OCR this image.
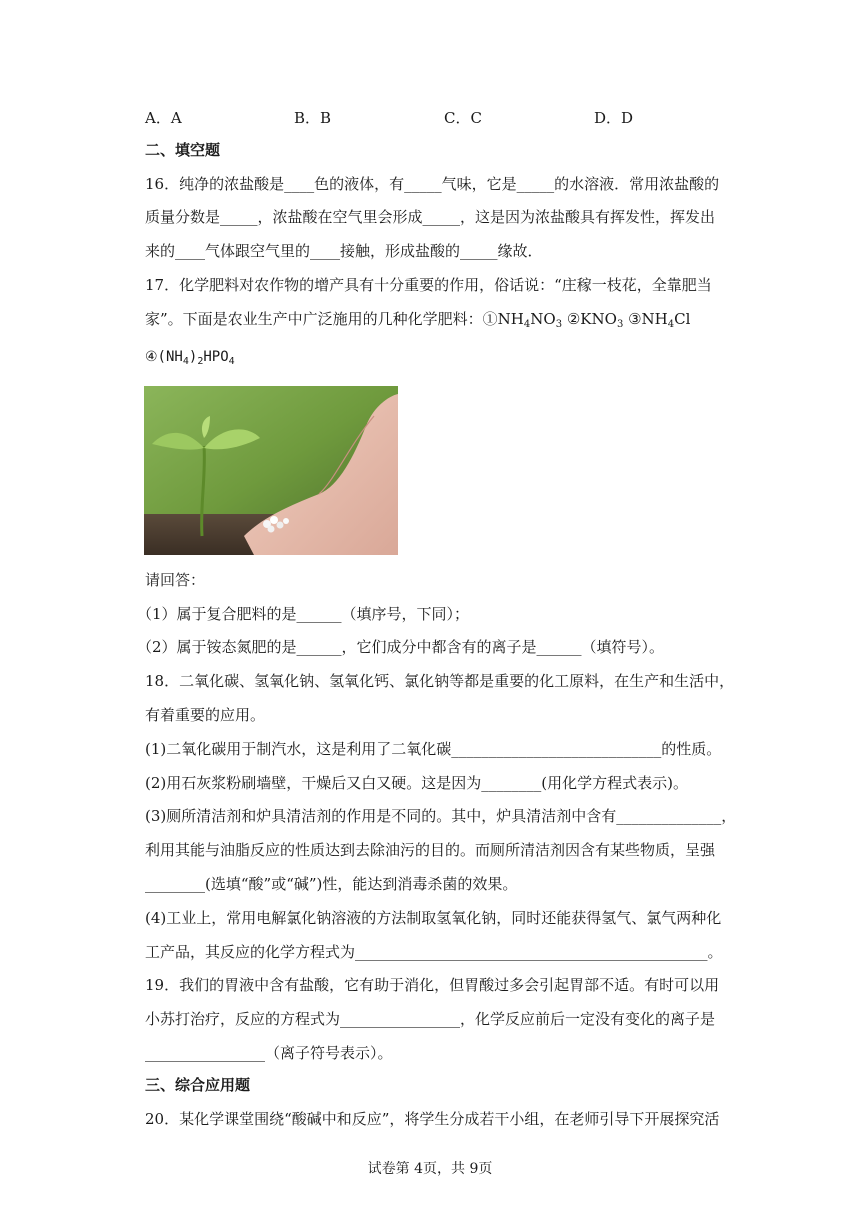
A．A	B．B	C．C	D．D
二、填空题
16．纯净的浓盐酸是____色的液体，有_____气味，它是_____的水溶液．常用浓盐酸的
质量分数是_____，浓盐酸在空气里会形成_____，这是因为浓盐酸具有挥发性，挥发出
来的____气体跟空气里的____接触，形成盐酸的_____缘故．
17．化学肥料对农作物的增产具有十分重要的作用，俗话说：“庄稼一枝花，全靠肥当
家”。下面是农业生产中广泛施用的几种化学肥料：$①NH_4NO_3$ $②KNO_3$ $③NH_4Cl$
$④(NH_4)_2HPO_4$
请回答：
（1）属于复合肥料的是______（填序号，下同）；
（2）属于铵态氮肥的是______，它们成分中都含有的离子是______（填符号）。
18．二氧化碳、氢氧化钠、氢氧化钙、氯化钠等都是重要的化工原料，在生产和生活中，
有着重要的应用。
(1)二氧化碳用于制汽水，这是利用了二氧化碳____________________________的性质。
(2)用石灰浆粉刷墙壁，干燥后又白又硬。这是因为________(用化学方程式表示)。
(3)厕所清洁剂和炉具清洁剂的作用是不同的。其中，炉具清洁剂中含有______________，
利用其能与油脂反应的性质达到去除油污的目的。而厕所清洁剂因含有某些物质，呈强
________(选填“酸”或“碱”)性，能达到消毒杀菌的效果。
(4)工业上，常用电解氯化钠溶液的方法制取氢氧化钠，同时还能获得氢气、氯气两种化
工产品，其反应的化学方程式为_______________________________________________。
19．我们的胃液中含有盐酸，它有助于消化，但胃酸过多会引起胃部不适。有时可以用
小苏打治疗，反应的方程式为________________，化学反应前后一定没有变化的离子是
________________（离子符号表示）。
三、综合应用题
20．某化学课堂围绕“酸碱中和反应”，将学生分成若干小组，在老师引导下开展探究活
试卷第 4页，共 9页
